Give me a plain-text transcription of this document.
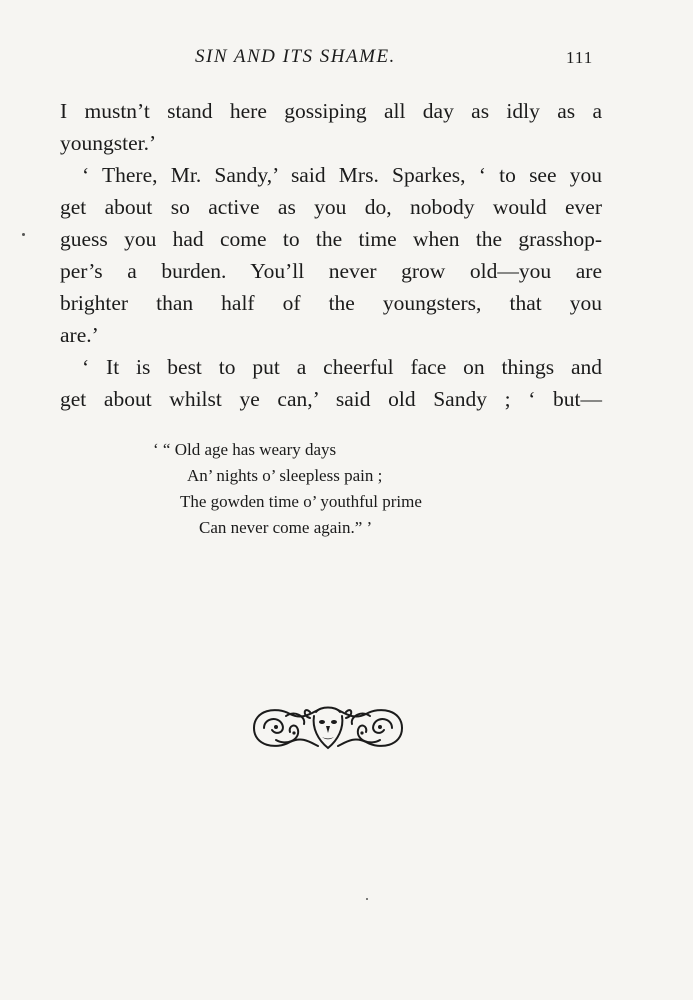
SIN AND ITS SHAME.	111
I mustn’t stand here gossiping all day as idly as a
youngster.’
‘ There, Mr. Sandy,’ said Mrs. Sparkes, ‘ to see you
get about so active as you do, nobody would ever
guess you had come to the time when the grasshop-
per’s a burden. You’ll never grow old—you are
brighter than half of the youngsters, that you
are.’
‘ It is best to put a cheerful face on things and
get about whilst ye can,’ said old Sandy ; ‘ but—
‘ “ Old age has weary days
An’ nights o’ sleepless pain ;
The gowden time o’ youthful prime
Can never come again.” ’
